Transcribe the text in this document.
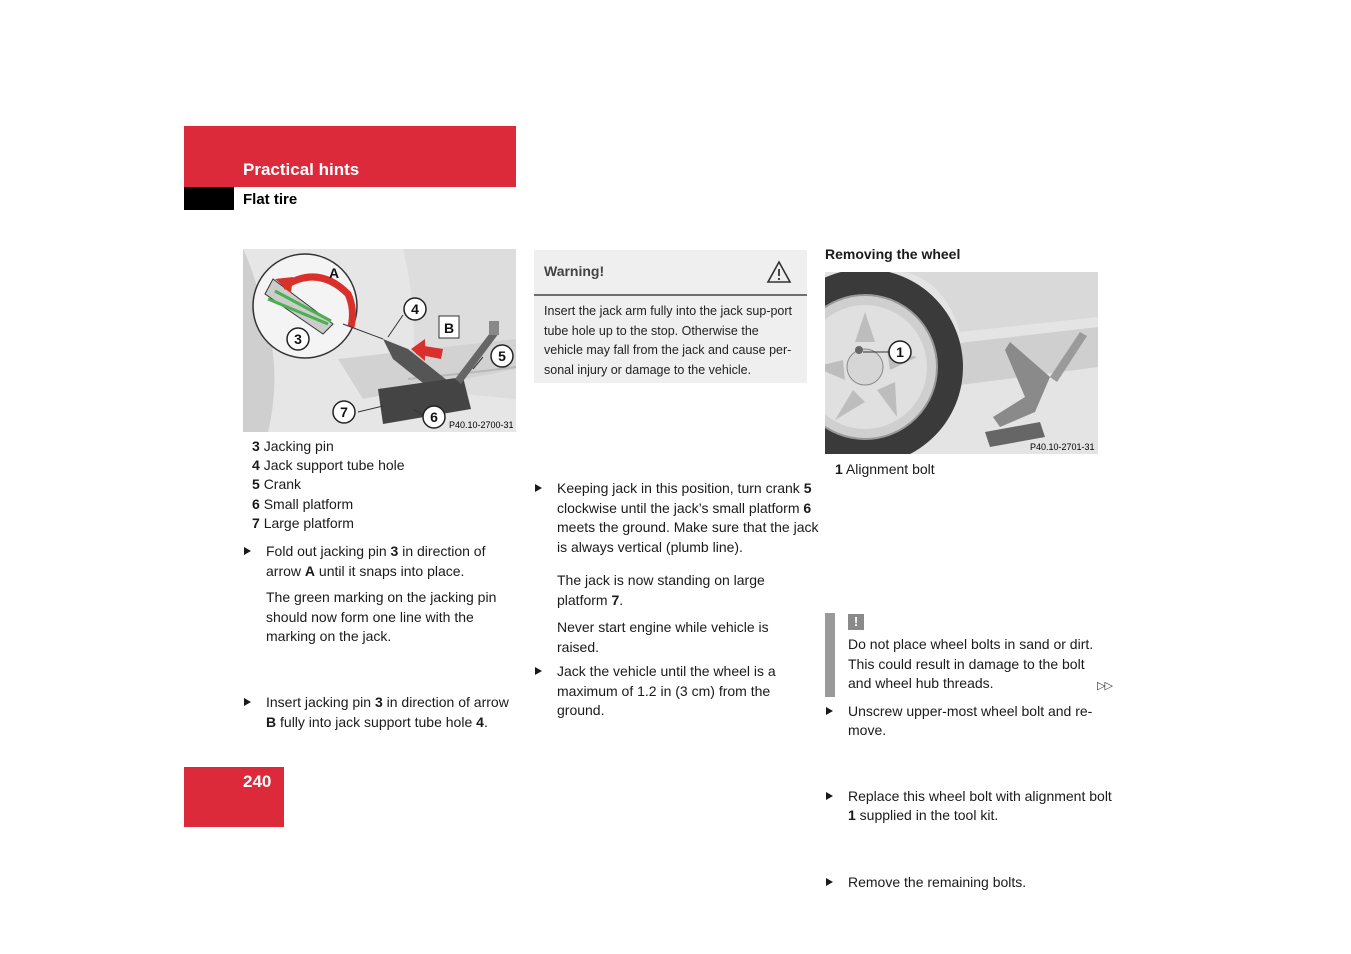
Practical hints
Flat tire
A
B
3
4
5
6
7
P40.10-2700-31
3 Jacking pin
4 Jack support tube hole
5 Crank
6 Small platform
7 Large platform
Fold out jacking pin 3 in direction of arrow A until it snaps into place.
The green marking on the jacking pin should now form one line with the marking on the jack.
Insert jacking pin 3 in direction of arrow B fully into jack support tube hole 4.
Warning!
Insert the jack arm fully into the jack sup-port tube hole up to the stop. Otherwise the vehicle may fall from the jack and cause per-sonal injury or damage to the vehicle.
Keeping jack in this position, turn crank 5 clockwise until the jack’s small platform 6 meets the ground. Make sure that the jack is always vertical (plumb line).
Jack the vehicle until the wheel is a maximum of 1.2 in (3 cm) from the ground.
The jack is now standing on large platform 7.
Never start engine while vehicle is raised.
Removing the wheel
1
P40.10-2701-31
1 Alignment bolt
Unscrew upper-most wheel bolt and re-move.
Replace this wheel bolt with alignment bolt 1 supplied in the tool kit.
Remove the remaining bolts.
!
Do not place wheel bolts in sand or dirt. This could result in damage to the bolt and wheel hub threads.	▷▷
240
